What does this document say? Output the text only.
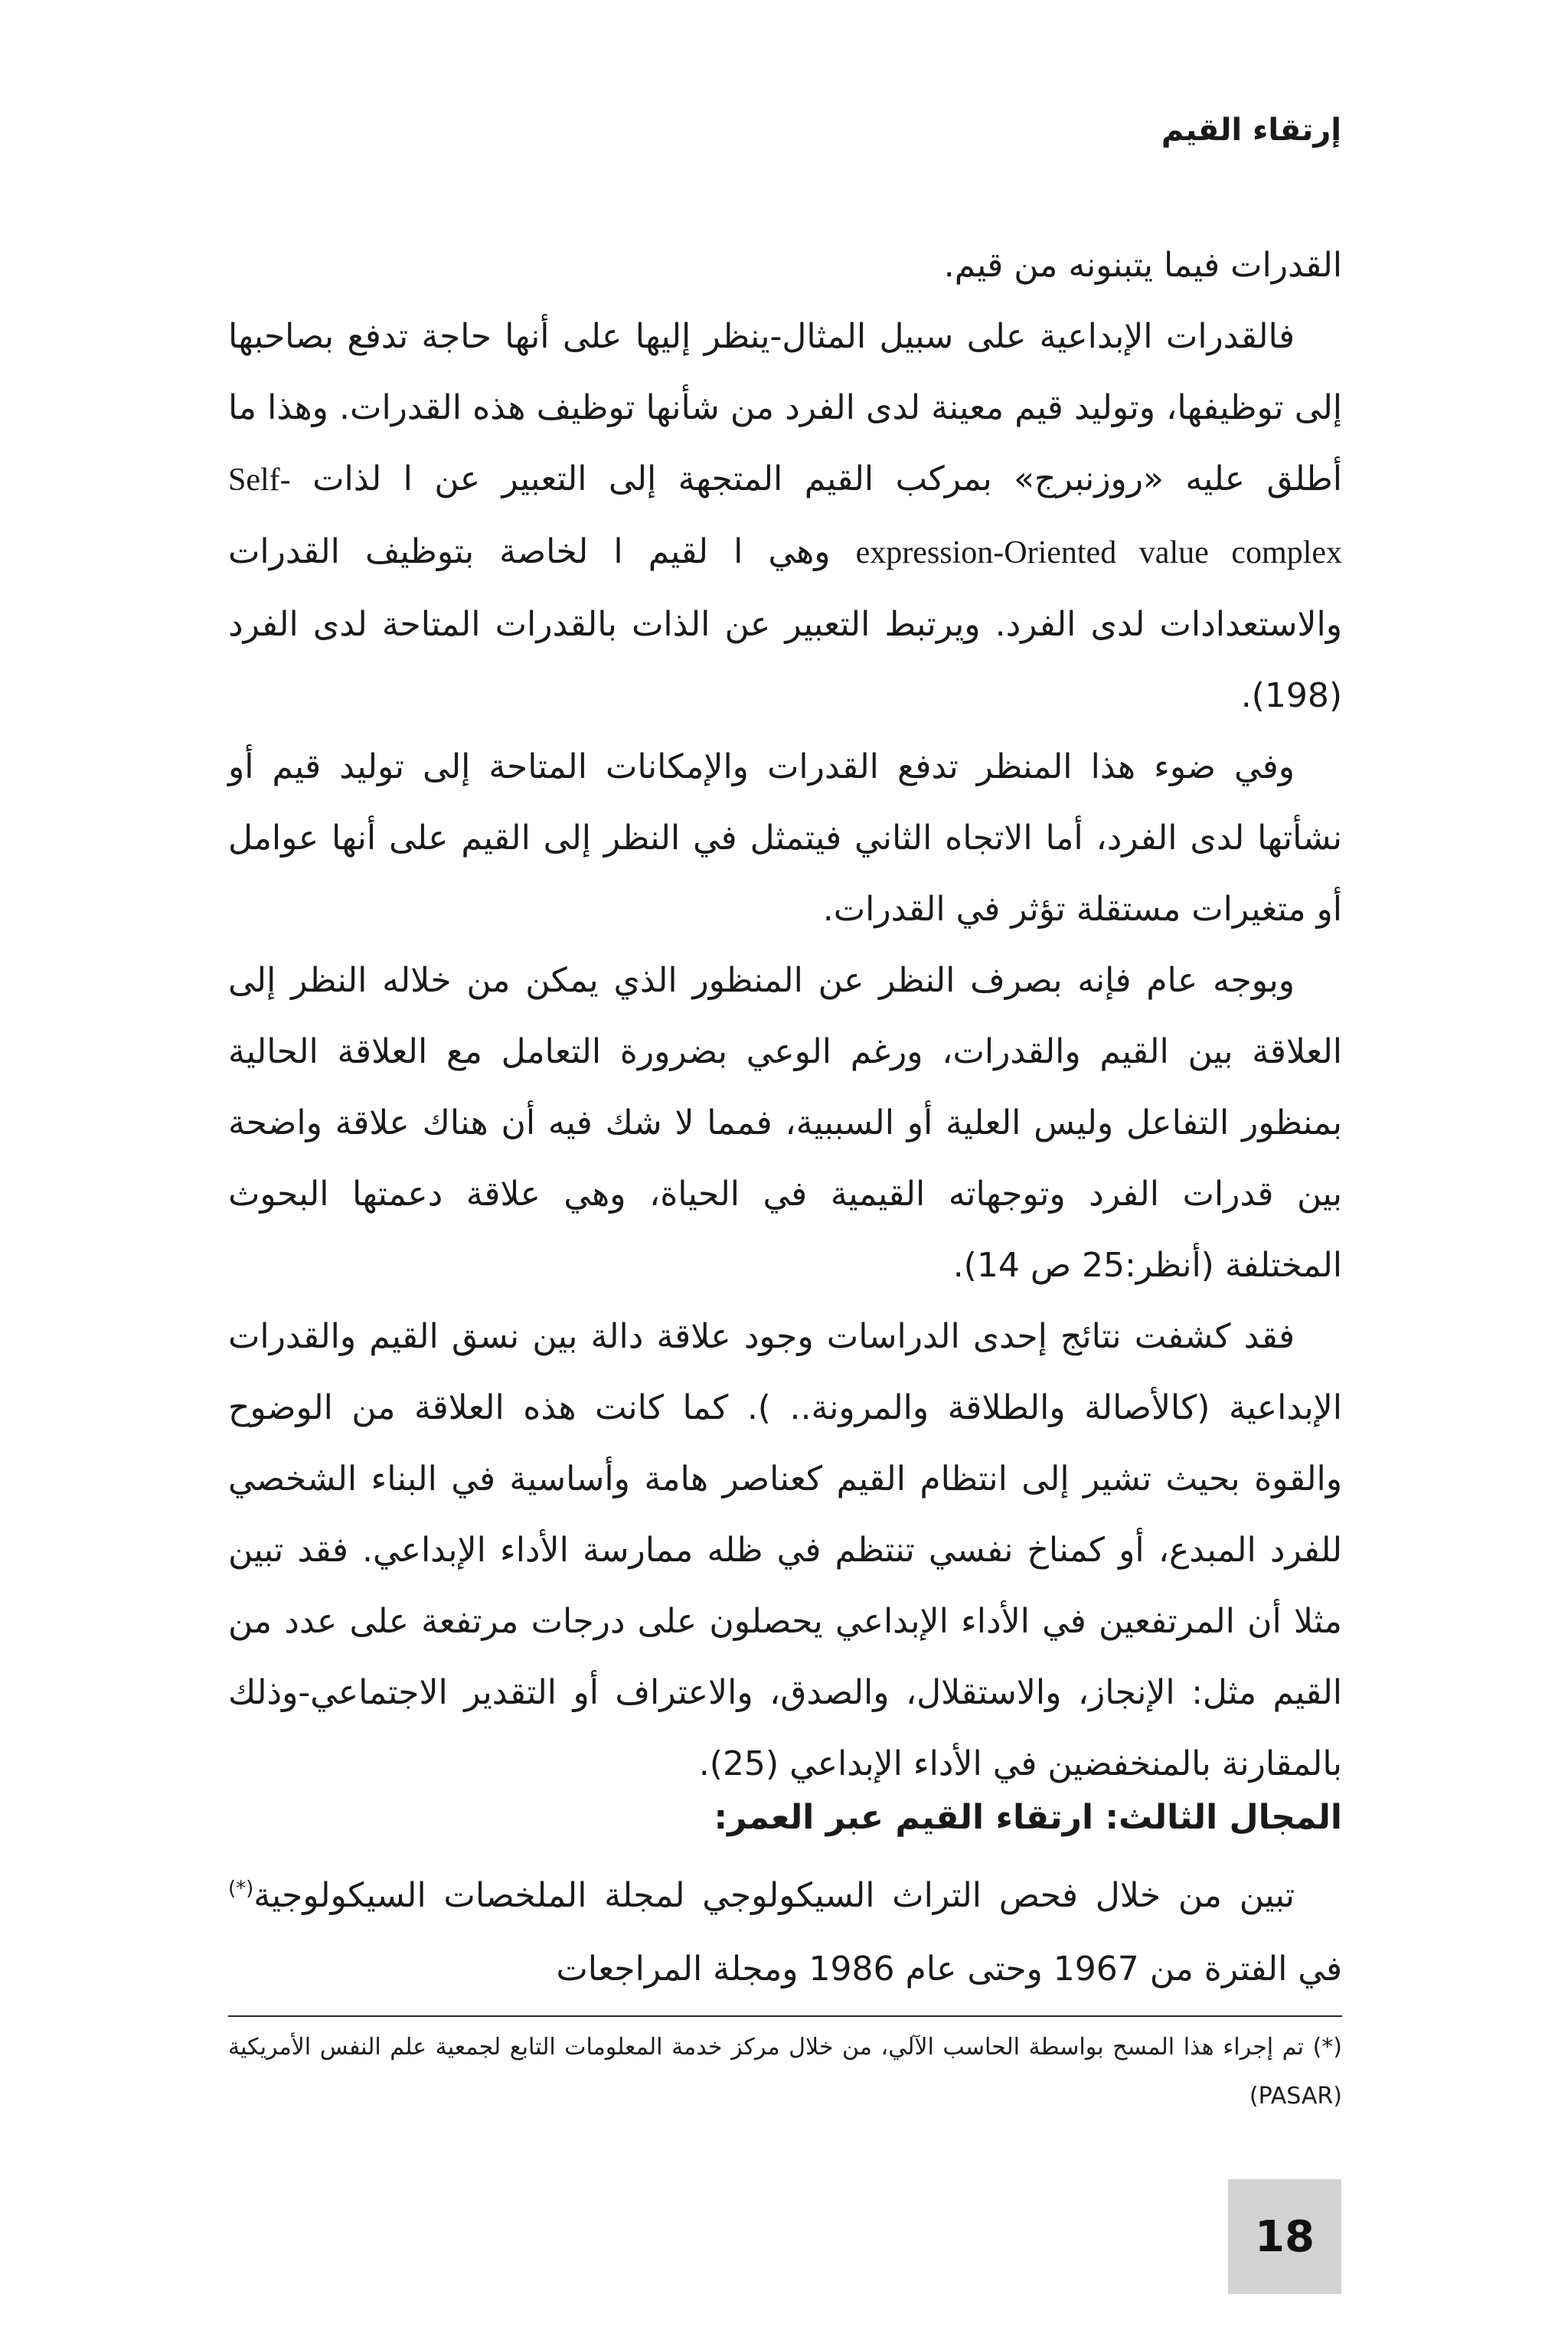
إرتقاء القيم

القدرات فيما يتبنونه من قيم.

فالقدرات الإبداعية على سبيل المثال-ينظر إليها على أنها حاجة تدفع بصاحبها إلى توظيفها، وتوليد قيم معينة لدى الفرد من شأنها توظيف هذه القدرات. وهذا ما أطلق عليه «روزنبرج» بمركب القيم المتجهة إلى التعبير عن ا لذات Self-expression-Oriented value complex وهي ا لقيم ا لخاصة بتوظيف القدرات والاستعدادات لدى الفرد. ويرتبط التعبير عن الذات بالقدرات المتاحة لدى الفرد (198).

وفي ضوء هذا المنظر تدفع القدرات والإمكانات المتاحة إلى توليد قيم أو نشأتها لدى الفرد، أما الاتجاه الثاني فيتمثل في النظر إلى القيم على أنها عوامل أو متغيرات مستقلة تؤثر في القدرات.

وبوجه عام فإنه بصرف النظر عن المنظور الذي يمكن من خلاله النظر إلى العلاقة بين القيم والقدرات، ورغم الوعي بضرورة التعامل مع العلاقة الحالية بمنظور التفاعل وليس العلية أو السببية، فمما لا شك فيه أن هناك علاقة واضحة بين قدرات الفرد وتوجهاته القيمية في الحياة، وهي علاقة دعمتها البحوث المختلفة (أنظر:25 ص 14).

فقد كشفت نتائج إحدى الدراسات وجود علاقة دالة بين نسق القيم والقدرات الإبداعية (كالأصالة والطلاقة والمرونة.. ). كما كانت هذه العلاقة من الوضوح والقوة بحيث تشير إلى انتظام القيم كعناصر هامة وأساسية في البناء الشخصي للفرد المبدع، أو كمناخ نفسي تنتظم في ظله ممارسة الأداء الإبداعي. فقد تبين مثلا أن المرتفعين في الأداء الإبداعي يحصلون على درجات مرتفعة على عدد من القيم مثل: الإنجاز، والاستقلال، والصدق، والاعتراف أو التقدير الاجتماعي-وذلك بالمقارنة بالمنخفضين في الأداء الإبداعي (25).

المجال الثالث: ارتقاء القيم عبر العمر:

تبين من خلال فحص التراث السيكولوجي لمجلة الملخصات السيكولوجية(*) في الفترة من 1967 وحتى عام 1986 ومجلة المراجعات

(*) تم إجراء هذا المسح بواسطة الحاسب الآلي، من خلال مركز خدمة المعلومات التابع لجمعية علم النفس الأمريكية (PASAR)

18
